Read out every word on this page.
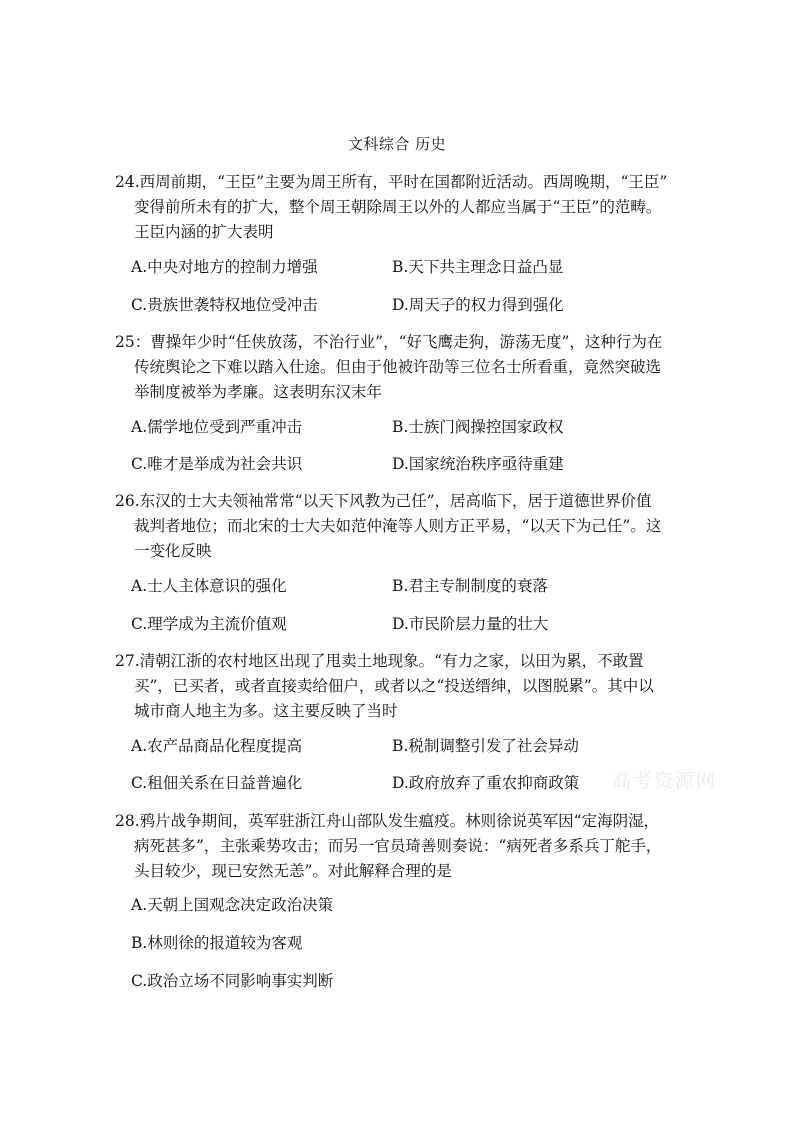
文科综合 历史
24.西周前期，“王臣”主要为周王所有，平时在国都附近活动。西周晚期，“王臣”
变得前所未有的扩大，整个周王朝除周王以外的人都应当属于“王臣”的范畴。
王臣内涵的扩大表明
A.中央对地方的控制力增强	B.天下共主理念日益凸显
C.贵族世袭特权地位受冲击	D.周天子的权力得到强化
25：曹操年少时“任侠放荡，不治行业”，“好飞鹰走狗，游荡无度”，这种行为在
传统舆论之下难以踏入仕途。但由于他被许劭等三位名士所看重，竟然突破选
举制度被举为孝廉。这表明东汉末年
A.儒学地位受到严重冲击	B.士族门阀操控国家政权
C.唯才是举成为社会共识	D.国家统治秩序亟待重建
26.东汉的士大夫领袖常常“以天下风教为己任”，居高临下，居于道德世界价值
裁判者地位；而北宋的士大夫如范仲淹等人则方正平易，“以天下为己任”。这
一变化反映
A.士人主体意识的强化	B.君主专制制度的衰落
C.理学成为主流价值观	D.市民阶层力量的壮大
27.清朝江浙的农村地区出现了甩卖土地现象。“有力之家，以田为累，不敢置
买”，已买者，或者直接卖给佃户，或者以之“投送缙绅，以图脱累”。其中以
城市商人地主为多。这主要反映了当时
A.农产品商品化程度提高	B.税制调整引发了社会异动
C.租佃关系在日益普遍化	D.政府放弃了重农抑商政策 高考资源网
28.鸦片战争期间，英军驻浙江舟山部队发生瘟疫。林则徐说英军因“定海阴湿，
病死甚多”，主张乘势攻击；而另一官员琦善则奏说：“病死者多系兵丁舵手，
头目较少，现已安然无恙”。对此解释合理的是
A.天朝上国观念决定政治决策
B.林则徐的报道较为客观
C.政治立场不同影响事实判断
